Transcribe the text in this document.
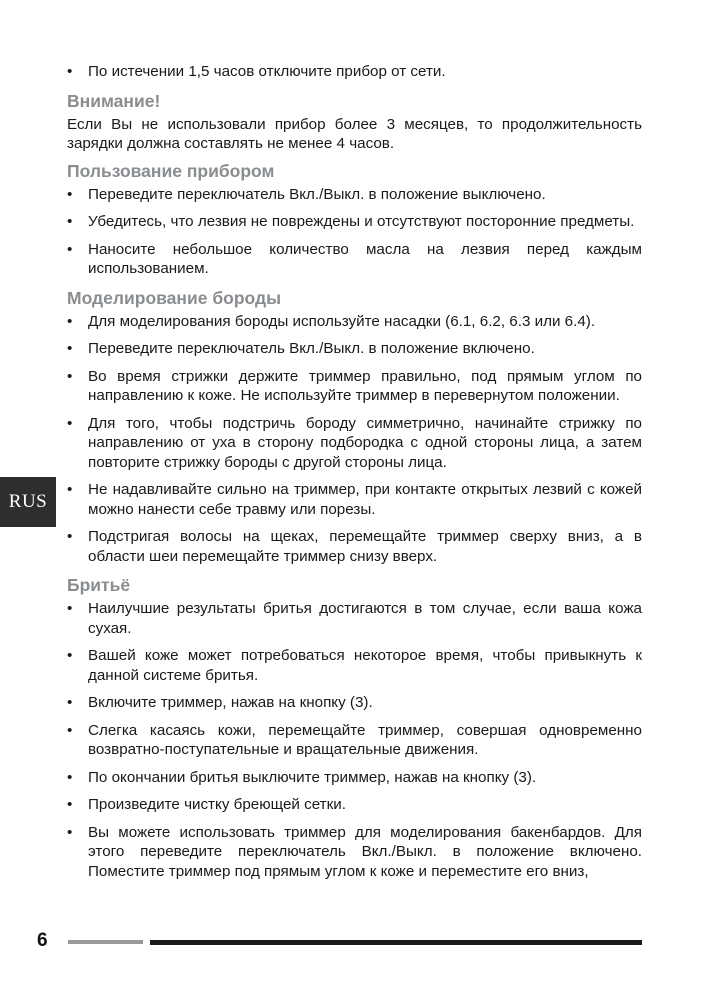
• По истечении 1,5 часов отключите прибор от сети.
Внимание!
Если Вы не использовали прибор более 3 месяцев, то продолжительность зарядки должна составлять не менее 4 часов.
Пользование прибором
• Переведите переключатель Вкл./Выкл. в положение выключено.
• Убедитесь, что лезвия не повреждены и отсутствуют посторонние предметы.
• Наносите небольшое количество масла на лезвия перед каждым использованием.
Моделирование бороды
• Для моделирования бороды используйте насадки (6.1, 6.2, 6.3 или 6.4).
• Переведите переключатель Вкл./Выкл. в положение включено.
• Во время стрижки держите триммер правильно, под прямым углом по направлению к коже. Не используйте триммер в перевернутом положении.
• Для того, чтобы подстричь бороду симметрично, начинайте стрижку по направлению от уха в сторону подбородка с одной стороны лица, а затем повторите стрижку бороды с другой стороны лица.
• Не надавливайте сильно на триммер, при контакте открытых лезвий с кожей можно нанести себе травму или порезы.
• Подстригая волосы на щеках, перемещайте триммер сверху вниз, а в области шеи перемещайте триммер снизу вверх.
Бритьё
• Наилучшие результаты бритья достигаются в том случае, если ваша кожа сухая.
• Вашей коже может потребоваться некоторое время, чтобы привыкнуть к данной системе бритья.
• Включите триммер, нажав на кнопку (3).
• Слегка касаясь кожи, перемещайте триммер, совершая одновременно возвратно-поступательные и вращательные движения.
• По окончании бритья выключите триммер, нажав на кнопку (3).
• Произведите чистку бреющей сетки.
• Вы можете использовать триммер для моделирования бакенбардов. Для этого переведите переключатель Вкл./Выкл. в положение включено. Поместите триммер под прямым углом к коже и переместите его вниз,
RUS
6
